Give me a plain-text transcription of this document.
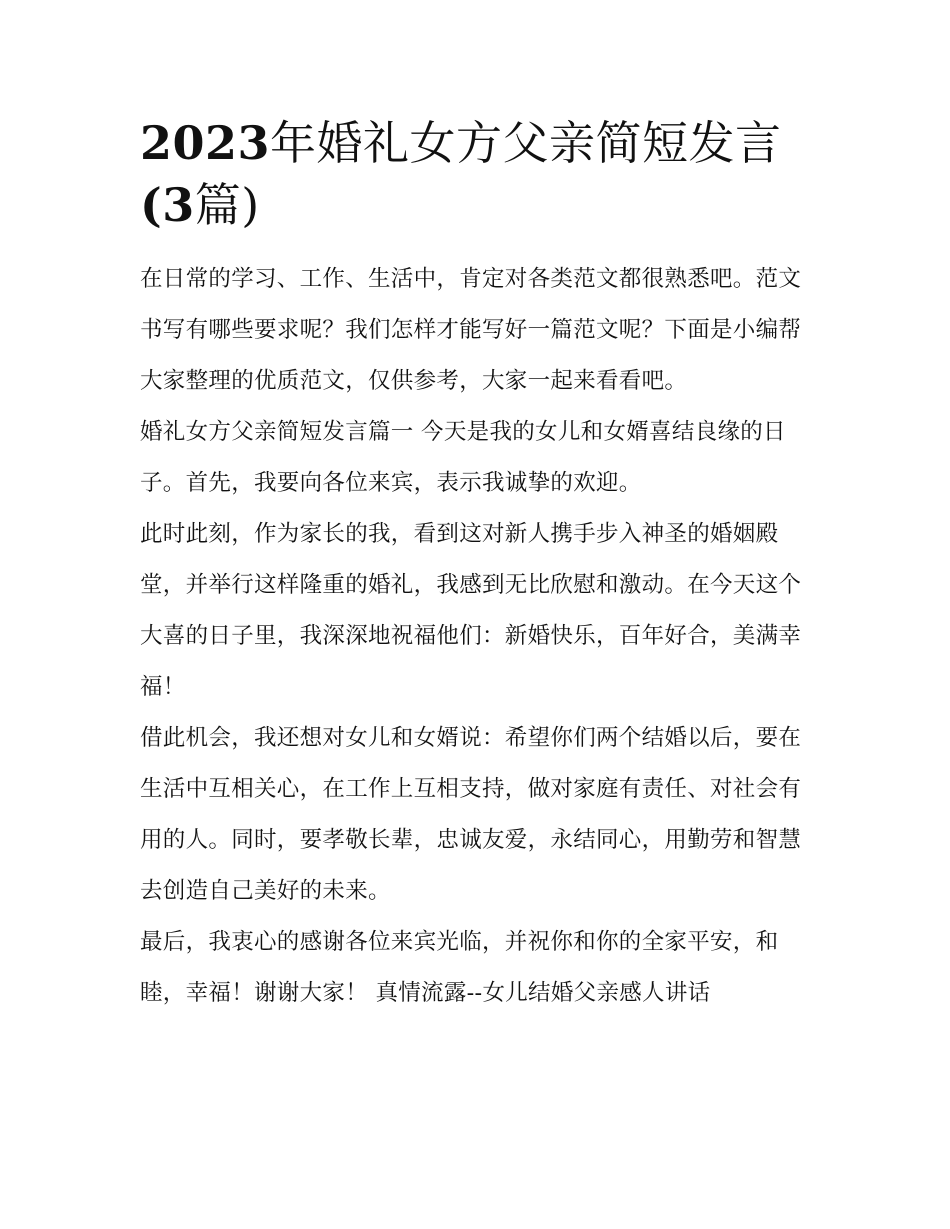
2023年婚礼女方父亲简短发言
(3篇)

在日常的学习、工作、生活中，肯定对各类范文都很熟悉吧。范文书写有哪些要求呢？我们怎样才能写好一篇范文呢？下面是小编帮大家整理的优质范文，仅供参考，大家一起来看看吧。

婚礼女方父亲简短发言篇一 今天是我的女儿和女婿喜结良缘的日子。首先，我要向各位来宾，表示我诚挚的欢迎。

此时此刻，作为家长的我，看到这对新人携手步入神圣的婚姻殿堂，并举行这样隆重的婚礼，我感到无比欣慰和激动。在今天这个大喜的日子里，我深深地祝福他们：新婚快乐，百年好合，美满幸福！

借此机会，我还想对女儿和女婿说：希望你们两个结婚以后，要在生活中互相关心，在工作上互相支持，做对家庭有责任、对社会有用的人。同时，要孝敬长辈，忠诚友爱，永结同心，用勤劳和智慧去创造自己美好的未来。

最后，我衷心的感谢各位来宾光临，并祝你和你的全家平安，和睦，幸福！谢谢大家！ 真情流露--女儿结婚父亲感人讲话
